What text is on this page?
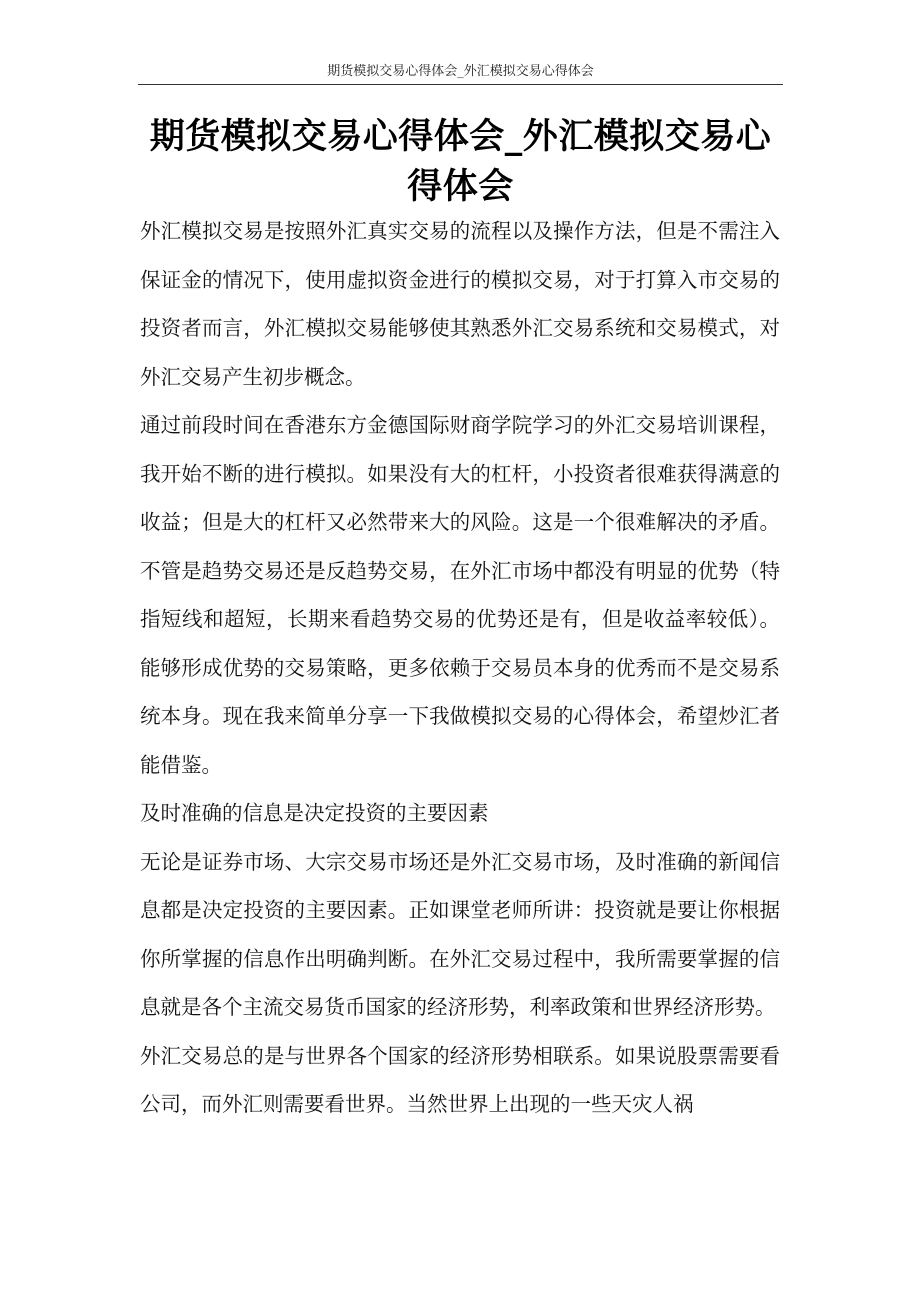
期货模拟交易心得体会_外汇模拟交易心得体会
期货模拟交易心得体会_外汇模拟交易心得体会

外汇模拟交易是按照外汇真实交易的流程以及操作方法，但是不需注入保证金的情况下，使用虚拟资金进行的模拟交易，对于打算入市交易的投资者而言，外汇模拟交易能够使其熟悉外汇交易系统和交易模式，对外汇交易产生初步概念。

通过前段时间在香港东方金德国际财商学院学习的外汇交易培训课程，我开始不断的进行模拟。如果没有大的杠杆，小投资者很难获得满意的收益；但是大的杠杆又必然带来大的风险。这是一个很难解决的矛盾。不管是趋势交易还是反趋势交易，在外汇市场中都没有明显的优势（特指短线和超短，长期来看趋势交易的优势还是有，但是收益率较低）。能够形成优势的交易策略，更多依赖于交易员本身的优秀而不是交易系统本身。现在我来简单分享一下我做模拟交易的心得体会，希望炒汇者能借鉴。

及时准确的信息是决定投资的主要因素

无论是证券市场、大宗交易市场还是外汇交易市场，及时准确的新闻信息都是决定投资的主要因素。正如课堂老师所讲：投资就是要让你根据你所掌握的信息作出明确判断。在外汇交易过程中，我所需要掌握的信息就是各个主流交易货币国家的经济形势，利率政策和世界经济形势。

外汇交易总的是与世界各个国家的经济形势相联系。如果说股票需要看公司，而外汇则需要看世界。当然世界上出现的一些天灾人祸
